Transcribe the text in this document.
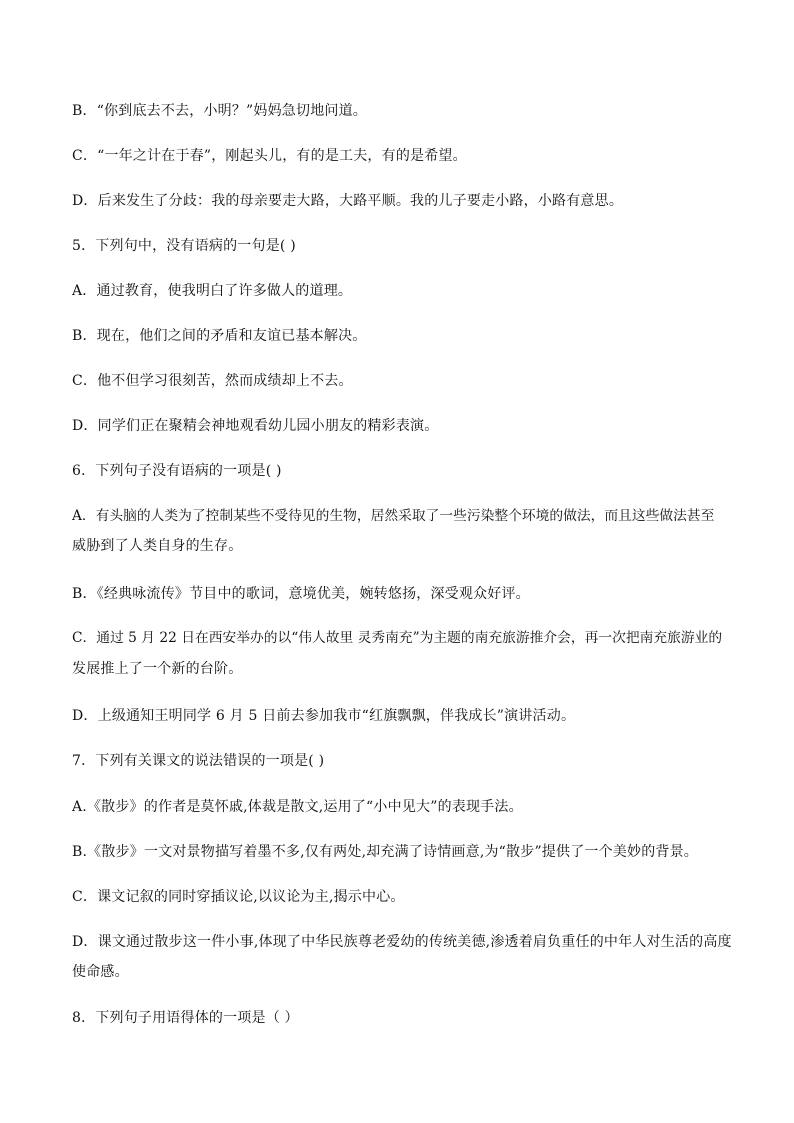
B．“你到底去不去，小明？”妈妈急切地问道。
C．“一年之计在于春”，刚起头儿，有的是工夫，有的是希望。
D．后来发生了分歧：我的母亲要走大路，大路平顺。我的儿子要走小路，小路有意思。
5．下列句中，没有语病的一句是( )
A．通过教育，使我明白了许多做人的道理。
B．现在，他们之间的矛盾和友谊已基本解决。
C．他不但学习很刻苦，然而成绩却上不去。
D．同学们正在聚精会神地观看幼儿园小朋友的精彩表演。
6．下列句子没有语病的一项是( )
A．有头脑的人类为了控制某些不受待见的生物，居然采取了一些污染整个环境的做法，而且这些做法甚至
威胁到了人类自身的生存。
B．《经典咏流传》节目中的歌词，意境优美，婉转悠扬，深受观众好评。
C．通过 5 月 22 日在西安举办的以“伟人故里 灵秀南充”为主题的南充旅游推介会，再一次把南充旅游业的
发展推上了一个新的台阶。
D．上级通知王明同学 6 月 5 日前去参加我市“红旗飘飘，伴我成长”演讲活动。
7．下列有关课文的说法错误的一项是( )
A.《散步》的作者是莫怀戚,体裁是散文,运用了“小中见大”的表现手法。
B.《散步》一文对景物描写着墨不多,仅有两处,却充满了诗情画意,为“散步”提供了一个美妙的背景。
C．课文记叙的同时穿插议论,以议论为主,揭示中心。
D．课文通过散步这一件小事,体现了中华民族尊老爱幼的传统美德,渗透着肩负重任的中年人对生活的高度
使命感。
8．下列句子用语得体的一项是（ ）
